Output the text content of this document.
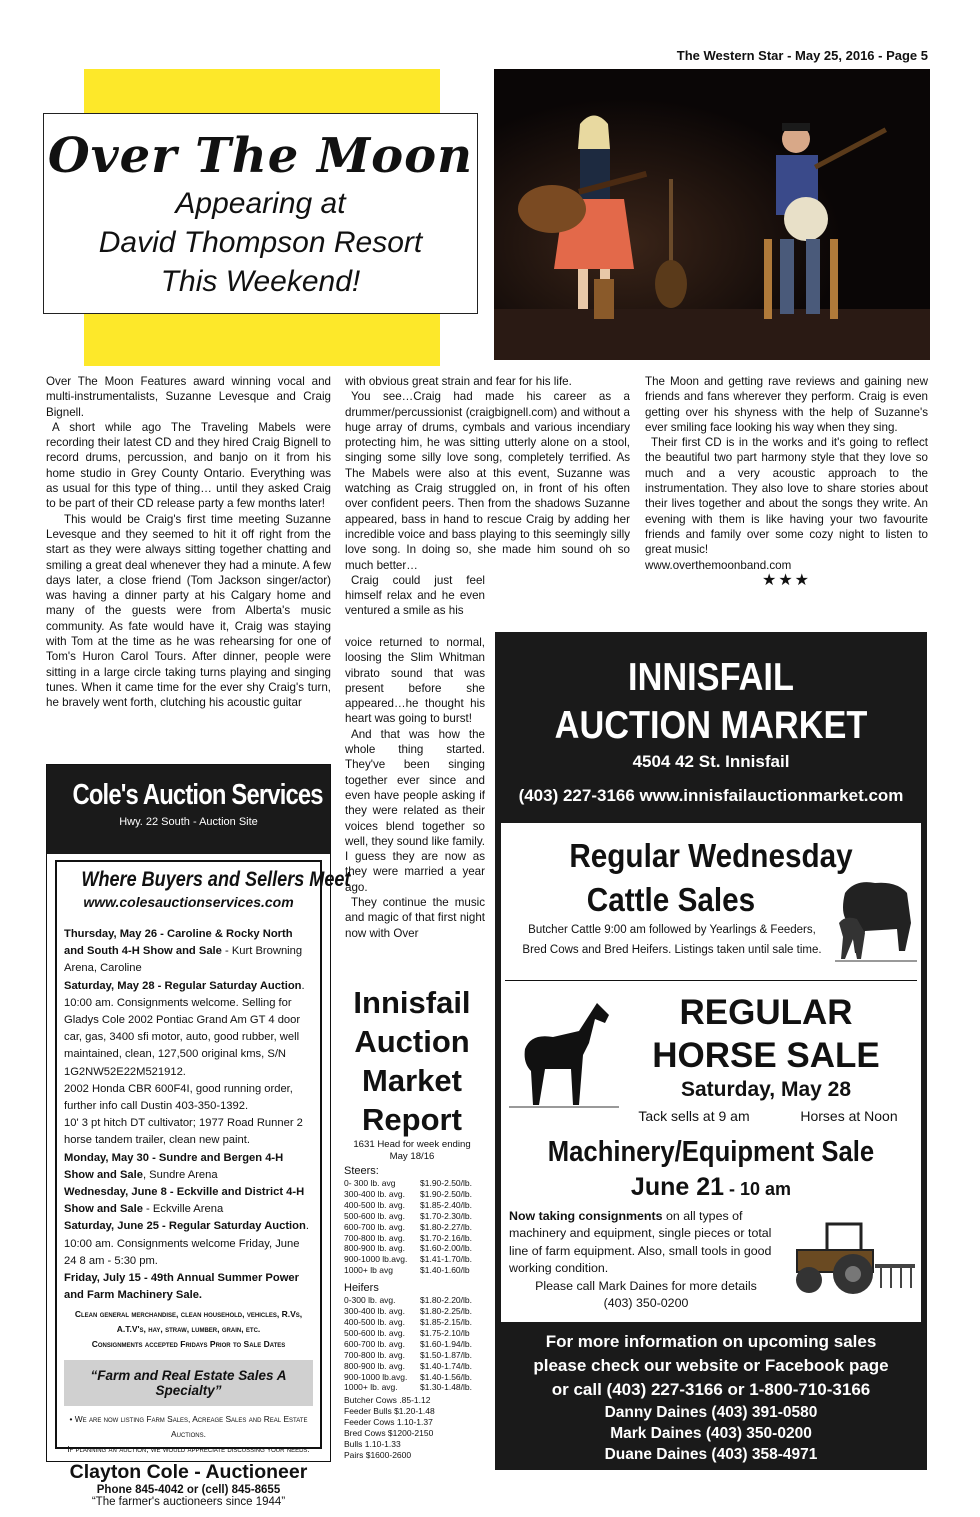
The Western Star - May 25, 2016 - Page 5
Over The Moon
Appearing at
David Thompson Resort
This Weekend!

Over The Moon Features award winning vocal and multi-instrumentalists, Suzanne Levesque and Craig Bignell.

A short while ago The Traveling Mabels were recording their latest CD and they hired Craig Bignell to record drums, percussion, and banjo on it from his home studio in Grey County Ontario. Everything was as usual for this type of thing… until they asked Craig to be part of their CD release party a few months later!

This would be Craig's first time meeting Suzanne Levesque and they seemed to hit it off right from the start as they were always sitting together chatting and smiling a great deal whenever they had a minute. A few days later, a close friend (Tom Jackson singer/actor) was having a dinner party at his Calgary home and many of the guests were from Alberta's music community. As fate would have it, Craig was staying with Tom at the time as he was rehearsing for one of Tom's Huron Carol Tours. After dinner, people were sitting in a large circle taking turns playing and singing tunes. When it came time for the ever shy Craig's turn, he bravely went forth, clutching his acoustic guitar

with obvious great strain and fear for his life.

You see…Craig had made his career as a drummer/percussionist (craigbignell.com) and without a huge array of drums, cymbals and various incendiary protecting him, he was sitting utterly alone on a stool, singing some silly love song, completely terrified. As The Mabels were also at this event, Suzanne was watching as Craig struggled on, in front of his often over confident peers. Then from the shadows Suzanne appeared, bass in hand to rescue Craig by adding her incredible voice and bass playing to this seemingly silly love song. In doing so, she made him sound oh so much better…

Craig could just feel himself relax and he even ventured a smile as his

voice returned to normal, loosing the Slim Whitman vibrato sound that was present before she appeared…he thought his heart was going to burst!

And that was how the whole thing started. They've been singing together ever since and even have people asking if they were related as their voices blend together so well, they sound like family. I guess they are now as they were married a year ago.

They continue the music and magic of that first night now with Over

The Moon and getting rave reviews and gaining new friends and fans wherever they perform. Craig is even getting over his shyness with the help of Suzanne's ever smiling face looking his way when they sing.

Their first CD is in the works and it's going to reflect the beautiful two part harmony style that they love so much and a very acoustic approach to the instrumentation. They also love to share stories about their lives together and about the songs they write. An evening with them is like having your two favourite friends and family over some cozy night to listen to great music!

www.overthemoonband.com

★★★
Cole's Auction Services
Hwy. 22 South - Auction Site
Where Buyers and Sellers Meet
www.colesauctionservices.com
Thursday, May 26 - Caroline & Rocky North and South 4-H Show and Sale - Kurt Browning Arena, Caroline
Saturday, May 28 - Regular Saturday Auction. 10:00 am. Consignments welcome. Selling for Gladys Cole 2002 Pontiac Grand Am GT 4 door car, gas, 3400 sfi motor, auto, good rubber, well maintained, clean, 127,500 original kms, S/N 1G2NW52E22M521912.
2002 Honda CBR 600F4I, good running order, further info call Dustin 403-350-1392.
10' 3 pt hitch DT cultivator; 1977 Road Runner 2 horse tandem trailer, clean new paint.
Monday, May 30 - Sundre and Bergen 4-H Show and Sale, Sundre Arena
Wednesday, June 8 - Eckville and District 4-H Show and Sale - Eckville Arena
Saturday, June 25 - Regular Saturday Auction. 10:00 am. Consignments welcome Friday, June 24 8 am - 5:30 pm.
Friday, July 15 - 49th Annual Summer Power and Farm Machinery Sale.
Clean general merchandise, clean household, vehicles, R.Vs, A.T.V's, hay, straw, lumber, grain, etc.
Consignments accepted Fridays Prior to Sale Dates
“Farm and Real Estate Sales A Specialty”
• We are now listing Farm Sales, Acreage Sales and Real Estate Auctions.
If planning an auction, we would appreciate discussing your needs.
Clayton Cole - Auctioneer
Phone 845-4042 or (cell) 845-8655
“The farmer's auctioneers since 1944”
Innisfail
Auction
Market
Report
1631 Head for week ending
May 18/16
Steers:
0- 300 lb. avg	$1.90-2.50/lb.
300-400 lb. avg.	$1.90-2.50/lb.
400-500 lb. avg.	$1.85-2.40/lb.
500-600 lb. avg.	$1.70-2.30/lb.
600-700 lb. avg.	$1.80-2.27/lb.
700-800 lb. avg.	$1.70-2.16/lb.
800-900 lb. avg.	$1.60-2.00/lb.
900-1000 lb.avg.	$1.41-1.70/lb.
1000+ lb avg	$1.40-1.60/lb
Heifers
0-300 lb. avg.	$1.80-2.20/lb.
300-400 lb. avg.	$1.80-2.25/lb.
400-500 lb. avg.	$1.85-2.15/lb.
500-600 lb. avg.	$1.75-2.10/lb
600-700 lb. avg.	$1.60-1.94/lb.
700-800 lb. avg.	$1.50-1.87/lb.
800-900 lb. avg.	$1.40-1.74/lb.
900-1000 lb.avg.	$1.40-1.56/lb.
1000+ lb. avg.	$1.30-1.48/lb.
Butcher Cows .85-1.12
Feeder Bulls $1.20-1.48
Feeder Cows 1.10-1.37
Bred Cows $1200-2150
Bulls 1.10-1.33
Pairs $1600-2600
INNISFAIL
AUCTION MARKET
4504 42 St. Innisfail
(403) 227-3166 www.innisfailauctionmarket.com
Regular Wednesday
Cattle Sales
Butcher Cattle 9:00 am followed by Yearlings & Feeders,
Bred Cows and Bred Heifers. Listings taken until sale time.
REGULAR
HORSE SALE
Saturday, May 28
Tack sells at 9 am	Horses at Noon
Machinery/Equipment Sale
June 21 - 10 am
Now taking consignments on all types of machinery and equipment, single pieces or total line of farm equipment. Also, small tools in good working condition.
Please call Mark Daines for more details
(403) 350-0200
For more information on upcoming sales
please check our website or Facebook page
or call (403) 227-3166 or 1-800-710-3166
Danny Daines (403) 391-0580
Mark Daines (403) 350-0200
Duane Daines (403) 358-4971
